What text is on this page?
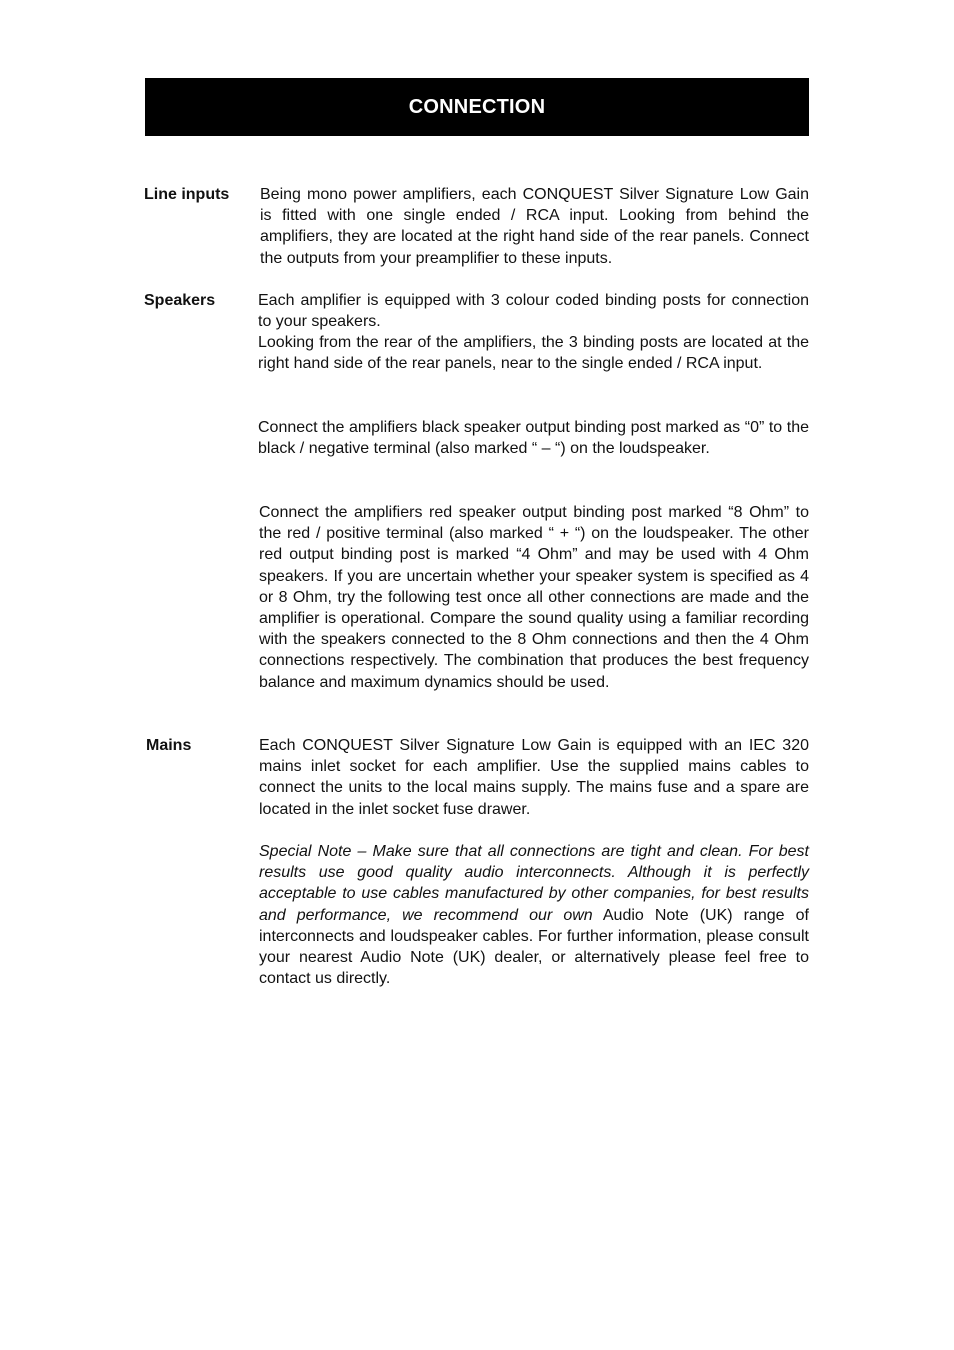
CONNECTION
Line inputs Being mono power amplifiers, each CONQUEST Silver Signature Low Gain is fitted with one single ended / RCA input. Looking from behind the amplifiers, they are located at the right hand side of the rear panels. Connect the outputs from your preamplifier to these inputs.

Speakers	Each amplifier is equipped with 3 colour coded binding posts for connection to your speakers.

Looking from the rear of the amplifiers, the 3 binding posts are located at the right hand side of the rear panels, near to the single ended / RCA input.

Connect the amplifiers black speaker output binding post marked as “0” to the black / negative terminal (also marked “ – “) on the loudspeaker.

Connect the amplifiers red speaker output binding post marked “8 Ohm” to the red / positive terminal (also marked “ + “) on the loudspeaker. The other red output binding post is marked “4 Ohm” and may be used with 4 Ohm speakers. If you are uncertain whether your speaker system is specified as 4 or 8 Ohm, try the following test once all other connections are made and the amplifier is operational. Compare the sound quality using a familiar recording with the speakers connected to the 8 Ohm connections and then the 4 Ohm connections respectively. The combination that produces the best frequency balance and maximum dynamics should be used.

Mains	Each CONQUEST Silver Signature Low Gain is equipped with an IEC 320 mains inlet socket for each amplifier. Use the supplied mains cables to connect the units to the local mains supply. The mains fuse and a spare are located in the inlet socket fuse drawer.

Special Note – Make sure that all connections are tight and clean. For best results use good quality audio interconnects. Although it is perfectly acceptable to use cables manufactured by other companies, for best results and performance, we recommend our own Audio Note (UK) range of interconnects and loudspeaker cables. For further information, please consult your nearest Audio Note (UK) dealer, or alternatively please feel free to contact us directly.
